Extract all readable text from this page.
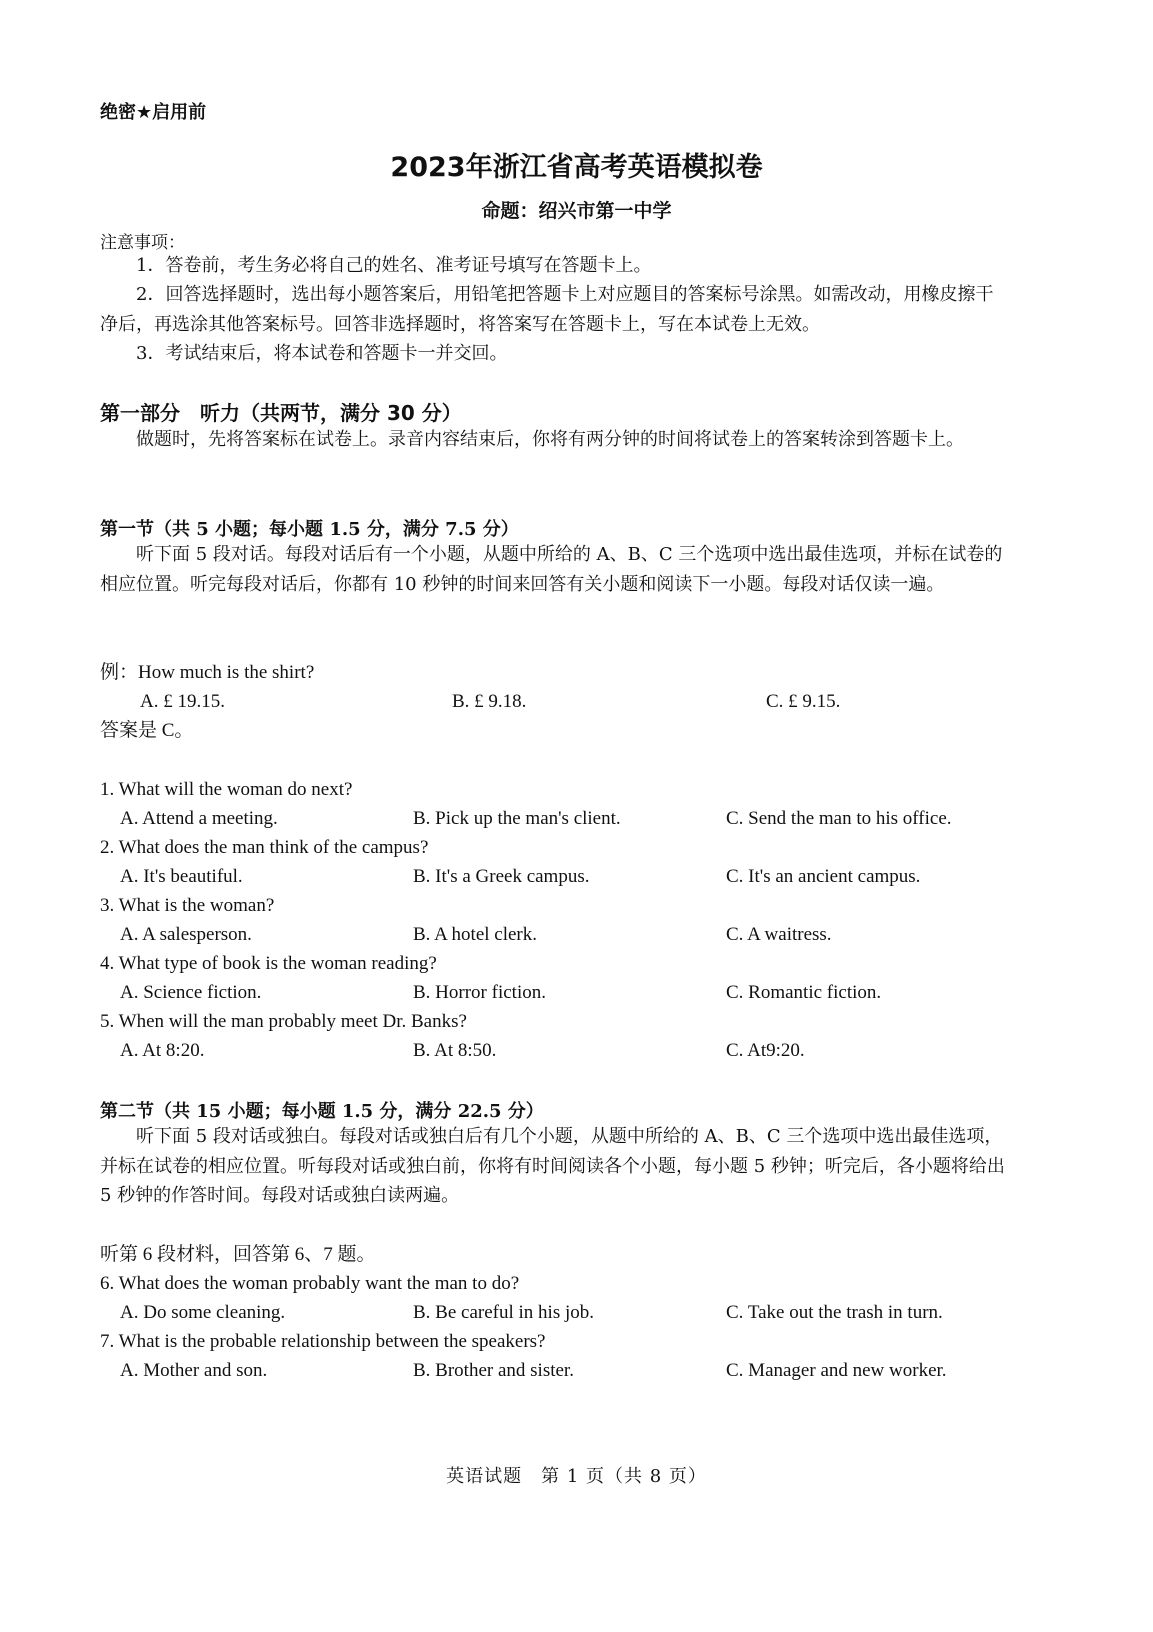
绝密★启用前
2023年浙江省高考英语模拟卷
命题：绍兴市第一中学
注意事项：
1．答卷前，考生务必将自己的姓名、准考证号填写在答题卡上。
2．回答选择题时，选出每小题答案后，用铅笔把答题卡上对应题目的答案标号涂黑。如需改动，用橡皮擦干净后，再选涂其他答案标号。回答非选择题时，将答案写在答题卡上，写在本试卷上无效。
3．考试结束后，将本试卷和答题卡一并交回。
第一部分　听力（共两节，满分 30 分）
做题时，先将答案标在试卷上。录音内容结束后，你将有两分钟的时间将试卷上的答案转涂到答题卡上。
第一节（共 5 小题；每小题 1.5 分，满分 7.5 分）
听下面 5 段对话。每段对话后有一个小题，从题中所给的 A、B、C 三个选项中选出最佳选项，并标在试卷的相应位置。听完每段对话后，你都有 10 秒钟的时间来回答有关小题和阅读下一小题。每段对话仅读一遍。
例：How much is the shirt?
A. £ 19.15.	B. £ 9.18.	C. £ 9.15.
答案是 C。
1. What will the woman do next?
A. Attend a meeting.	B. Pick up the man's client.	C. Send the man to his office.
2. What does the man think of the campus?
A. It's beautiful.	B. It's a Greek campus.	C. It's an ancient campus.
3. What is the woman?
A. A salesperson.	B. A hotel clerk.	C. A waitress.
4. What type of book is the woman reading?
A. Science fiction.	B. Horror fiction.	C. Romantic fiction.
5. When will the man probably meet Dr. Banks?
A. At 8:20.	B. At 8:50.	C. At9:20.
第二节（共 15 小题；每小题 1.5 分，满分 22.5 分）
听下面 5 段对话或独白。每段对话或独白后有几个小题，从题中所给的 A、B、C 三个选项中选出最佳选项，并标在试卷的相应位置。听每段对话或独白前，你将有时间阅读各个小题，每小题 5 秒钟；听完后，各小题将给出 5 秒钟的作答时间。每段对话或独白读两遍。
听第 6 段材料，回答第 6、7 题。
6. What does the woman probably want the man to do?
A. Do some cleaning.	B. Be careful in his job.	C. Take out the trash in turn.
7. What is the probable relationship between the speakers?
A. Mother and son.	B. Brother and sister.	C. Manager and new worker.
英语试题　第 1 页（共 8 页）
